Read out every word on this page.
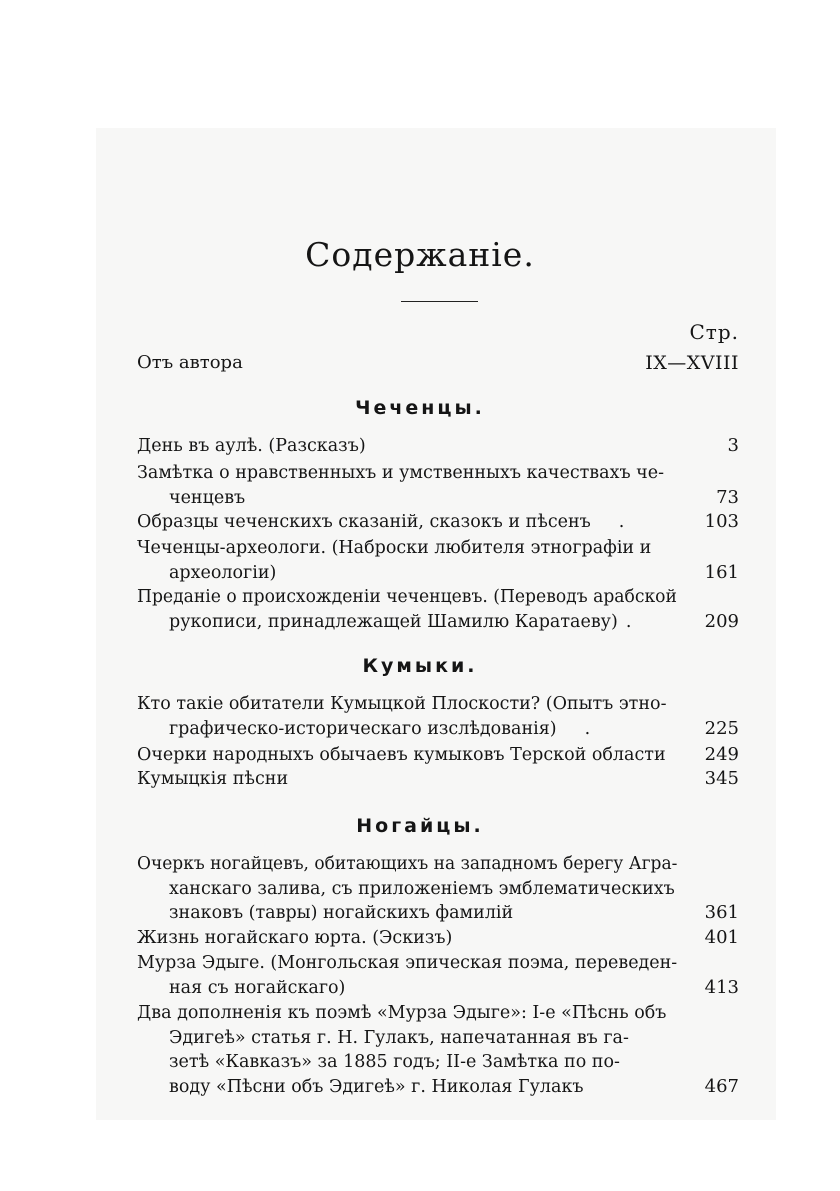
Содержаніе.
Стр.
Отъ автора	IX—XVIII
Чеченцы.
День въ аулѣ. (Разсказъ)	3
Замѣтка о нравственныхъ и умственныхъ качествахъ че-
ченцевъ	73
Образцы чеченскихъ сказаній, сказокъ и пѣсенъ .	103
Чеченцы-археологи. (Наброски любителя этнографіи и
археологіи)	161
Преданіе о происхожденіи чеченцевъ. (Переводъ арабской
рукописи, принадлежащей Шамилю Каратаеву) .	209
Кумыки.
Кто такіе обитатели Кумыцкой Плоскости? (Опытъ этно-
графическо-историческаго изслѣдованія) .	225
Очерки народныхъ обычаевъ кумыковъ Терской области	249
Кумыцкія пѣсни	345
Ногайцы.
Очеркъ ногайцевъ, обитающихъ на западномъ берегу Агра-
ханскаго залива, съ приложеніемъ эмблематическихъ
знаковъ (тавры) ногайскихъ фамилій	361
Жизнь ногайскаго юрта. (Эскизъ)	401
Мурза Эдыге. (Монгольская эпическая поэма, переведен-
ная съ ногайскаго)	413
Два дополненія къ поэмѣ «Мурза Эдыге»: I-е «Пѣснь объ
Эдигеѣ» статья г. Н. Гулакъ, напечатанная въ га-
зетѣ «Кавказъ» за 1885 годъ; II-е Замѣтка по по-
воду «Пѣсни объ Эдигеѣ» г. Николая Гулакъ	467
